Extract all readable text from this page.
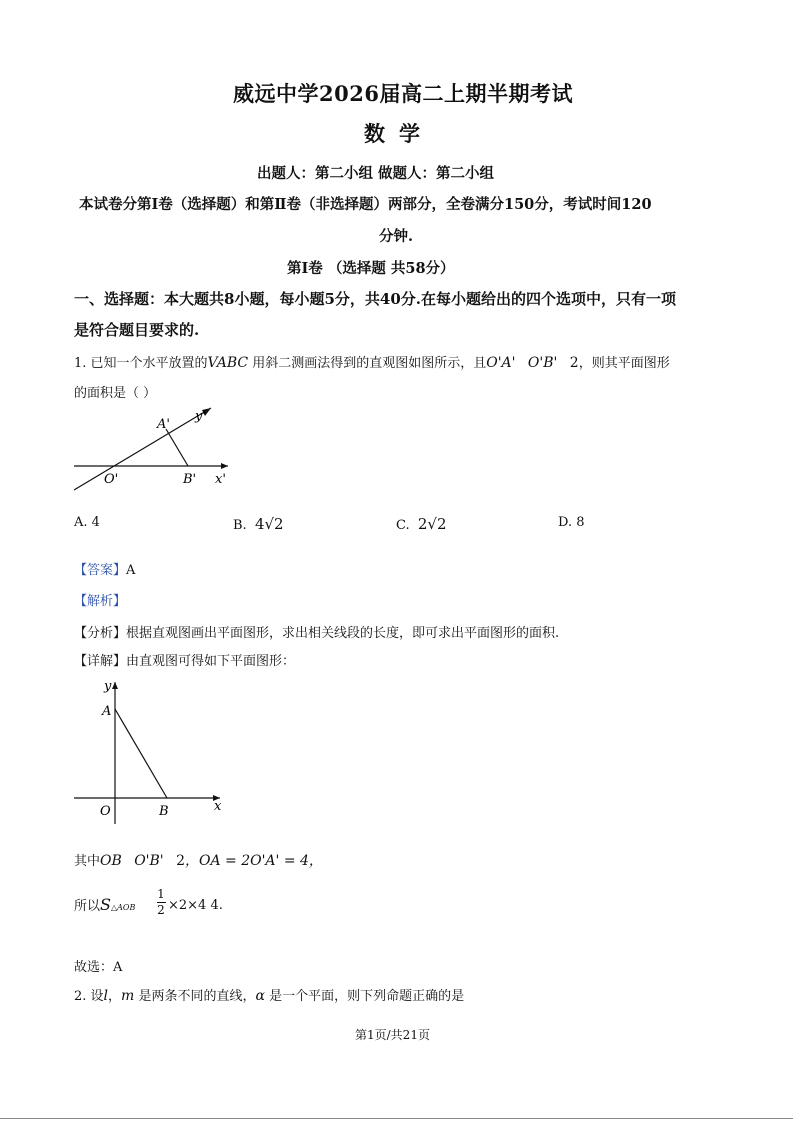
威远中学2026届高二上期半期考试
数学
出题人：第二小组 做题人：第二小组
本试卷分第Ⅰ卷（选择题）和第Ⅱ卷（非选择题）两部分，全卷满分150分，考试时间120
分钟.
第Ⅰ卷 （选择题 共58分）
一、选择题：本大题共8小题，每小题5分，共40分.在每小题给出的四个选项中，只有一项
是符合题目要求的.
1. 已知一个水平放置的VABC 用斜二测画法得到的直观图如图所示，且O'A' O'B' 2，则其平面图形
的面积是（ ）
A'
y'
O'	B' x'
A. 4	B. 4√2	C. 2√2	D. 8
【答案】A
【解析】
【分析】根据直观图画出平面图形，求出相关线段的长度，即可求出平面图形的面积.
【详解】由直观图可得如下平面图形：
y
A
O	B	x
其中OB O'B' 2，OA = 2O'A' = 4，
所以S△AOB
1
2 ×2×4 4.
故选：A
2. 设l，m 是两条不同的直线，α 是一个平面，则下列命题正确的是
第1页/共21页
